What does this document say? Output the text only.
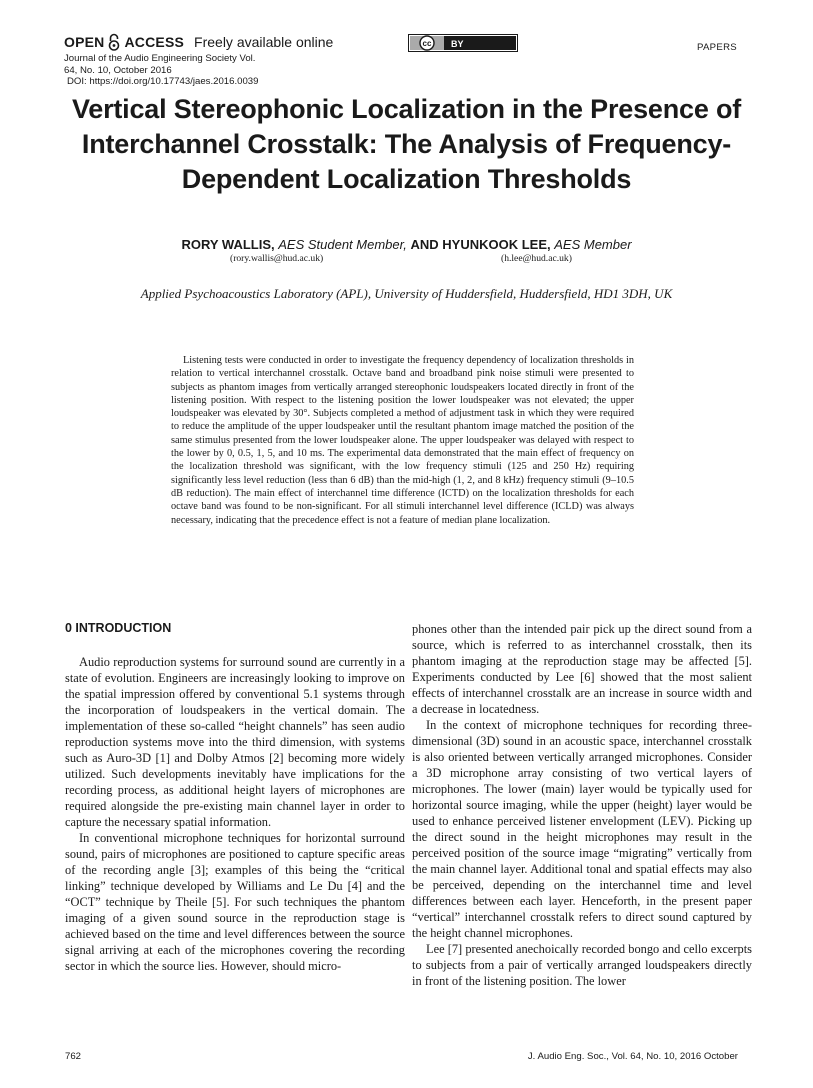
OPEN ACCESS Freely available online
Journal of the Audio Engineering Society Vol.
64, No. 10, October 2016
DOI: https://doi.org/10.17743/jaes.2016.0039
cc BY	PAPERS
Vertical Stereophonic Localization in the Presence of Interchannel Crosstalk: The Analysis of Frequency-Dependent Localization Thresholds
RORY WALLIS, AES Student Member, AND HYUNKOOK LEE, AES Member
(rory.wallis@hud.ac.uk)	(h.lee@hud.ac.uk)
Applied Psychoacoustics Laboratory (APL), University of Huddersfield, Huddersfield, HD1 3DH, UK

Listening tests were conducted in order to investigate the frequency dependency of localization thresholds in relation to vertical interchannel crosstalk. Octave band and broadband pink noise stimuli were presented to subjects as phantom images from vertically arranged stereophonic loudspeakers located directly in front of the listening position. With respect to the listening position the lower loudspeaker was not elevated; the upper loudspeaker was elevated by 30°. Subjects completed a method of adjustment task in which they were required to reduce the amplitude of the upper loudspeaker until the resultant phantom image matched the position of the same stimulus presented from the lower loudspeaker alone. The upper loudspeaker was delayed with respect to the lower by 0, 0.5, 1, 5, and 10 ms. The experimental data demonstrated that the main effect of frequency on the localization threshold was significant, with the low frequency stimuli (125 and 250 Hz) requiring significantly less level reduction (less than 6 dB) than the mid-high (1, 2, and 8 kHz) frequency stimuli (9–10.5 dB reduction). The main effect of interchannel time difference (ICTD) on the localization thresholds for each octave band was found to be non-significant. For all stimuli interchannel level difference (ICLD) was always necessary, indicating that the precedence effect is not a feature of median plane localization.

0 INTRODUCTION

Audio reproduction systems for surround sound are currently in a state of evolution. Engineers are increasingly looking to improve on the spatial impression offered by conventional 5.1 systems through the incorporation of loudspeakers in the vertical domain. The implementation of these so-called “height channels” has seen audio reproduction systems move into the third dimension, with systems such as Auro-3D [1] and Dolby Atmos [2] becoming more widely utilized. Such developments inevitably have implications for the recording process, as additional height layers of microphones are required alongside the pre-existing main channel layer in order to capture the necessary spatial information.

In conventional microphone techniques for horizontal surround sound, pairs of microphones are positioned to capture specific areas of the recording angle [3]; examples of this being the “critical linking” technique developed by Williams and Le Du [4] and the “OCT” technique by Theile [5]. For such techniques the phantom imaging of a given sound source in the reproduction stage is achieved based on the time and level differences between the source signal arriving at each of the microphones covering the recording sector in which the source lies. However, should micro-

phones other than the intended pair pick up the direct sound from a source, which is referred to as interchannel crosstalk, then its phantom imaging at the reproduction stage may be affected [5]. Experiments conducted by Lee [6] showed that the most salient effects of interchannel crosstalk are an increase in source width and a decrease in locatedness.

In the context of microphone techniques for recording three-dimensional (3D) sound in an acoustic space, interchannel crosstalk is also oriented between vertically arranged microphones. Consider a 3D microphone array consisting of two vertical layers of microphones. The lower (main) layer would be typically used for horizontal source imaging, while the upper (height) layer would be used to enhance perceived listener envelopment (LEV). Picking up the direct sound in the height microphones may result in the perceived position of the source image “migrating” vertically from the main channel layer. Additional tonal and spatial effects may also be perceived, depending on the interchannel time and level differences between each layer. Henceforth, in the present paper “vertical” interchannel crosstalk refers to direct sound captured by the height channel microphones.

Lee [7] presented anechoically recorded bongo and cello excerpts to subjects from a pair of vertically arranged loudspeakers directly in front of the listening position. The lower

762	J. Audio Eng. Soc., Vol. 64, No. 10, 2016 October
